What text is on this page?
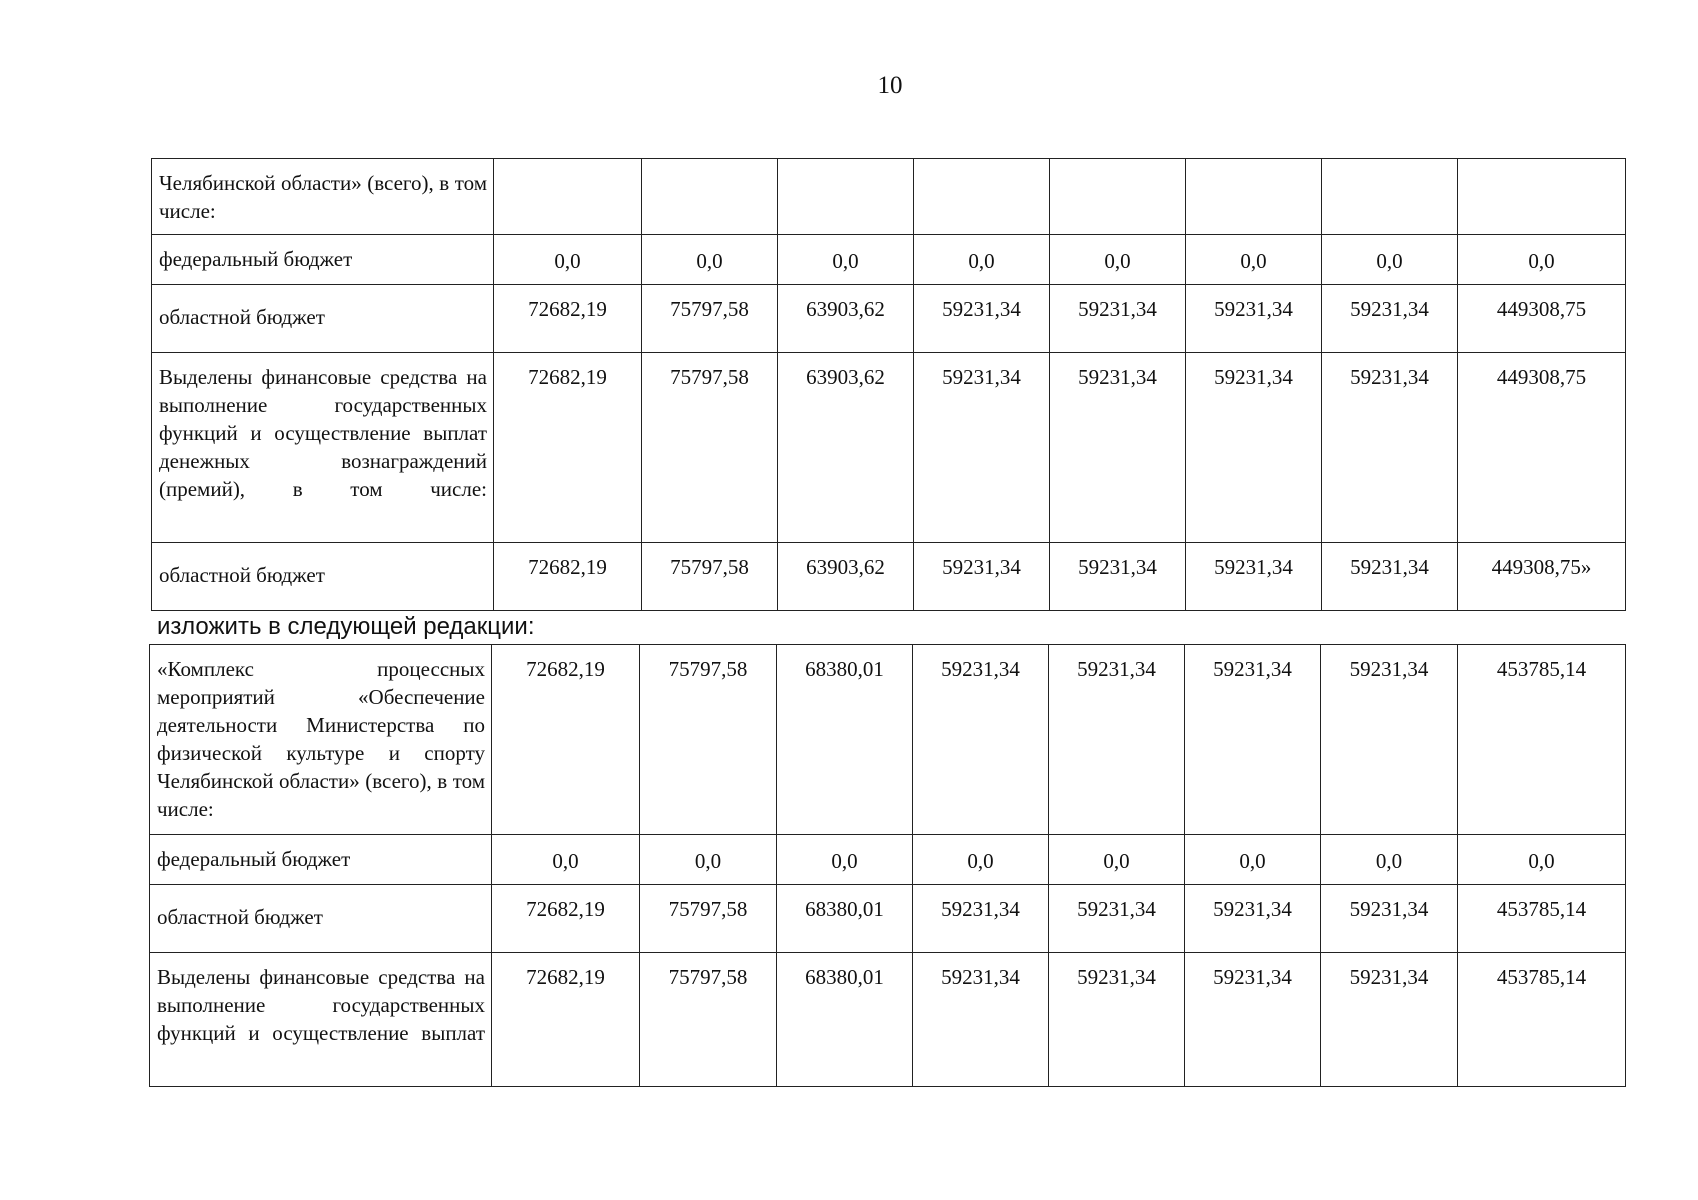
10
Челябинской области» (всего), в том числе:								
федеральный бюджет	0,0	0,0	0,0	0,0	0,0	0,0	0,0	0,0
областной бюджет	72682,19	75797,58	63903,62	59231,34	59231,34	59231,34	59231,34	449308,75
Выделены финансовые средства на выполнение государственных функций и осуществление выплат денежных вознаграждений (премий), в том числе:	72682,19	75797,58	63903,62	59231,34	59231,34	59231,34	59231,34	449308,75
областной бюджет	72682,19	75797,58	63903,62	59231,34	59231,34	59231,34	59231,34	449308,75»
изложить в следующей редакции:
«Комплекс процессных мероприятий «Обеспечение деятельности Министерства по физической культуре и спорту Челябинской области» (всего), в том числе:	72682,19	75797,58	68380,01	59231,34	59231,34	59231,34	59231,34	453785,14
федеральный бюджет	0,0	0,0	0,0	0,0	0,0	0,0	0,0	0,0
областной бюджет	72682,19	75797,58	68380,01	59231,34	59231,34	59231,34	59231,34	453785,14
Выделены финансовые средства на выполнение государственных функций и осуществление выплат	72682,19	75797,58	68380,01	59231,34	59231,34	59231,34	59231,34	453785,14
